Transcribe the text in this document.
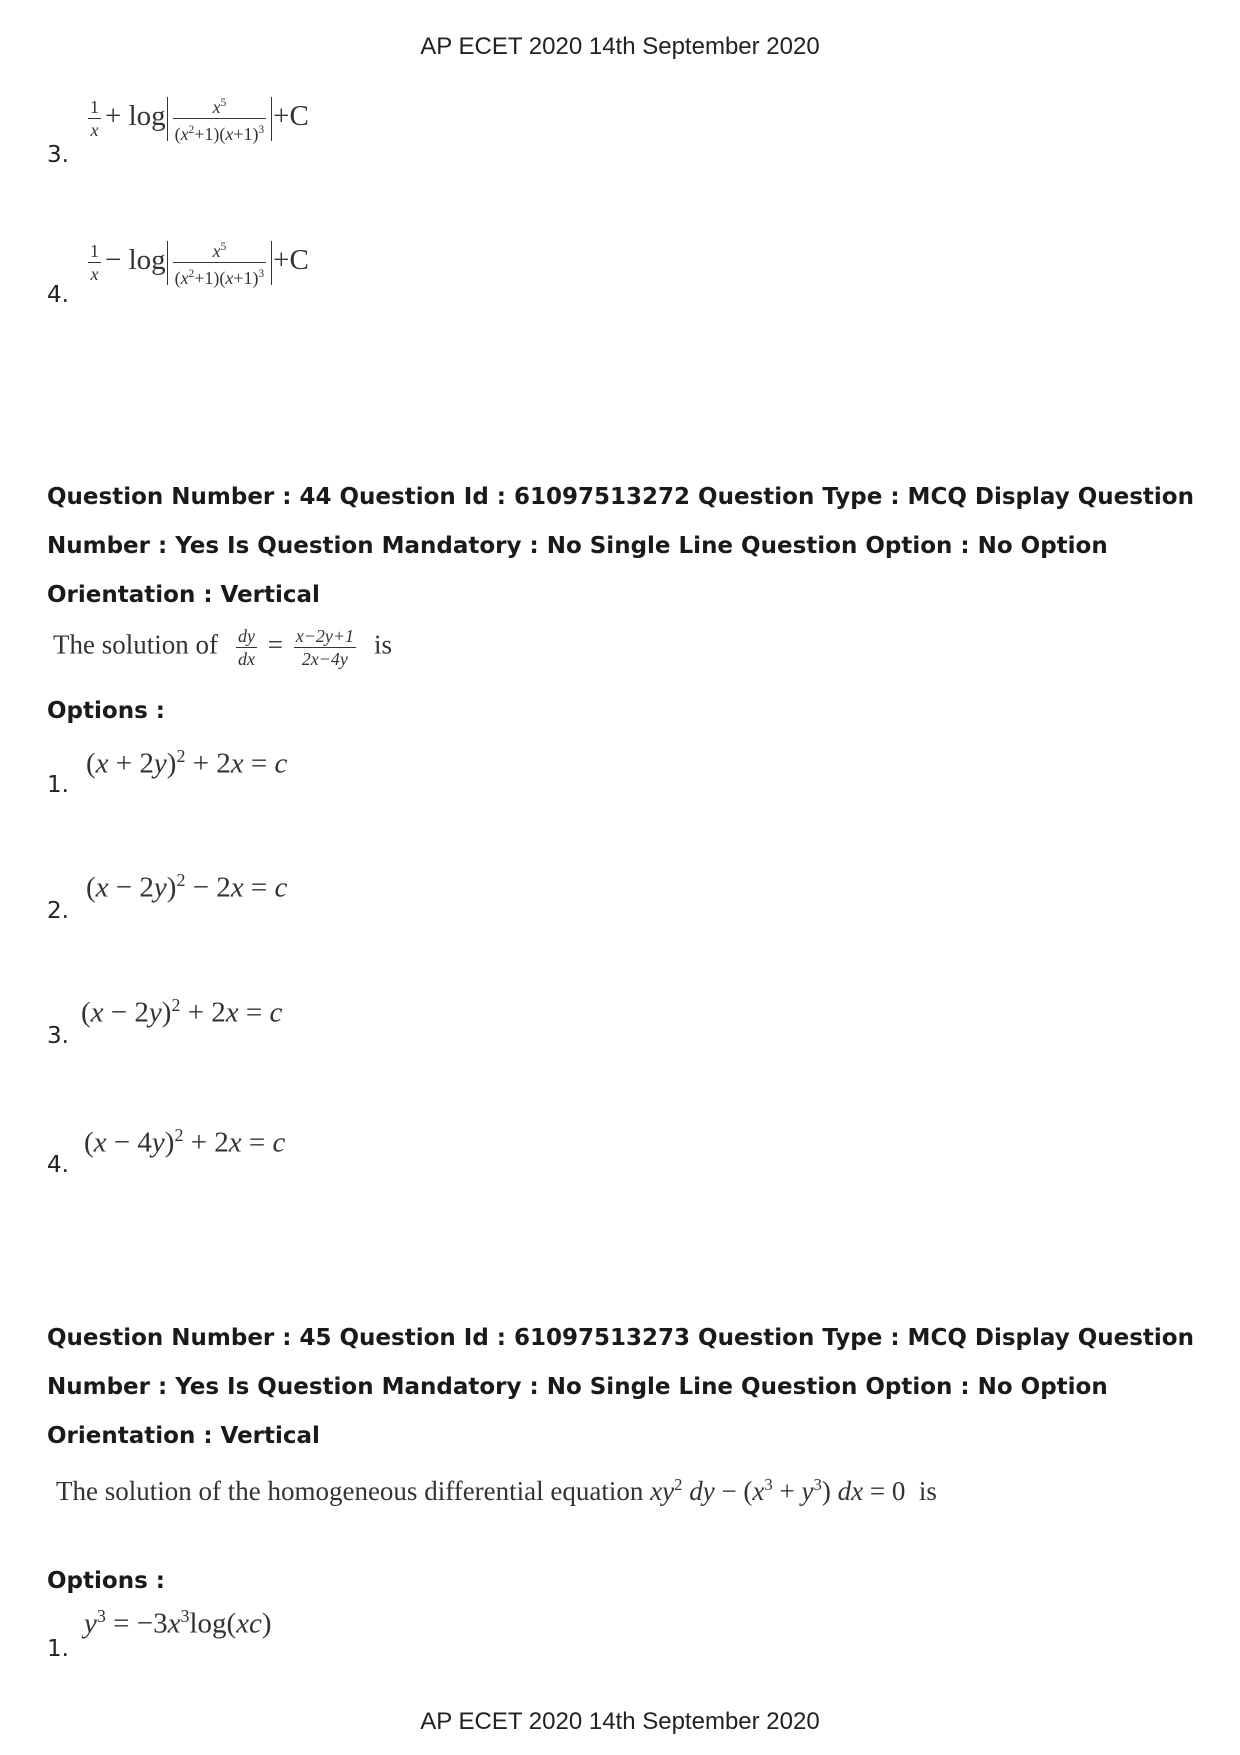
AP ECET 2020 14th September 2020
$\frac{1}{x} + \log \frac{x^5}{(x^2+1)(x+1)^3} +C$
3.
$\frac{1}{x} - \log \frac{x^5}{(x^2+1)(x+1)^3} +C$
4.
Question Number : 44 Question Id : 61097513272 Question Type : MCQ Display Question Number : Yes Is Question Mandatory : No Single Line Question Option : No Option Orientation : Vertical
The solution of $\frac{dy}{dx} = \frac{x-2y+1}{2x-4y}$ is
Options :
$(x + 2y)^2 + 2x = c$
1.
$(x - 2y)^2 - 2x = c$
2.
$(x - 2y)^2 + 2x = c$
3.
$(x - 4y)^2 + 2x = c$
4.
Question Number : 45 Question Id : 61097513273 Question Type : MCQ Display Question Number : Yes Is Question Mandatory : No Single Line Question Option : No Option Orientation : Vertical
The solution of the homogeneous differential equation $xy^2$ dy − $(x^3 + y^3)$ dx = 0  is
Options :
$y^3 = -3x^3\log(xc)$
1.
AP ECET 2020 14th September 2020
